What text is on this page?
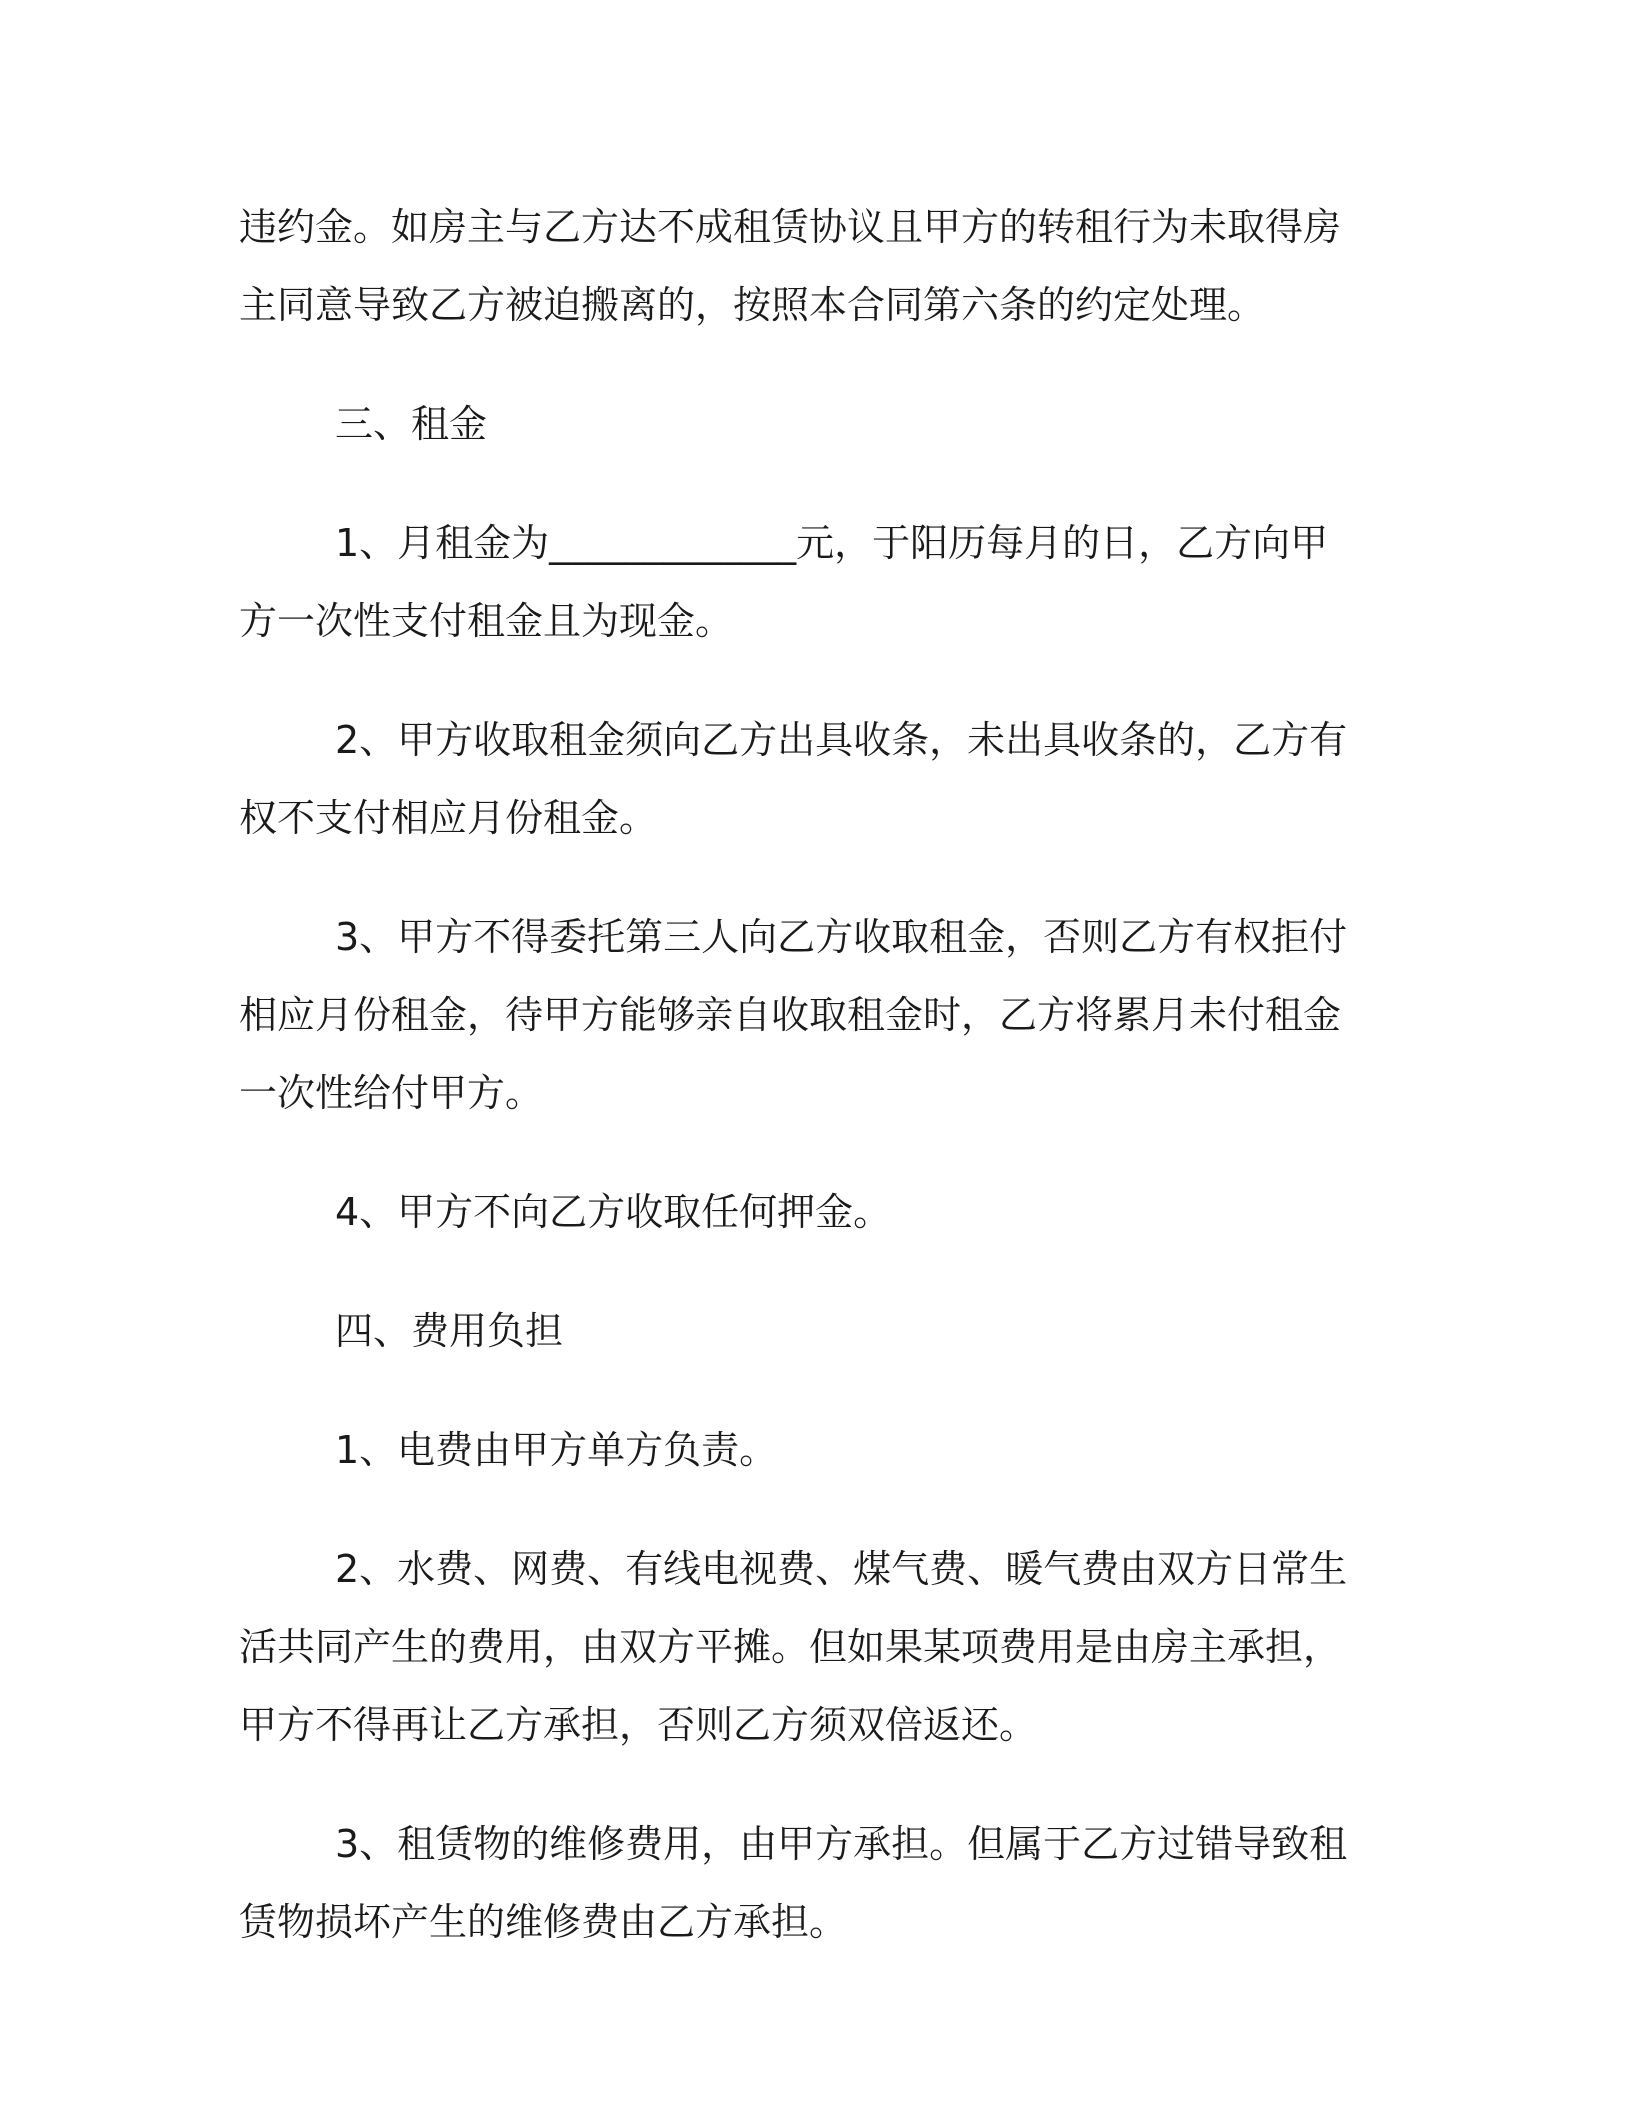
违约金。如房主与乙方达不成租赁协议且甲方的转租行为未取得房主同意导致乙方被迫搬离的，按照本合同第六条的约定处理。

三、租金

1、月租金为_____________元，于阳历每月的日，乙方向甲方一次性支付租金且为现金。

2、甲方收取租金须向乙方出具收条，未出具收条的，乙方有权不支付相应月份租金。

3、甲方不得委托第三人向乙方收取租金，否则乙方有权拒付相应月份租金，待甲方能够亲自收取租金时，乙方将累月未付租金一次性给付甲方。

4、甲方不向乙方收取任何押金。

四、费用负担

1、电费由甲方单方负责。

2、水费、网费、有线电视费、煤气费、暖气费由双方日常生活共同产生的费用，由双方平摊。但如果某项费用是由房主承担，甲方不得再让乙方承担，否则乙方须双倍返还。

3、租赁物的维修费用，由甲方承担。但属于乙方过错导致租赁物损坏产生的维修费由乙方承担。
